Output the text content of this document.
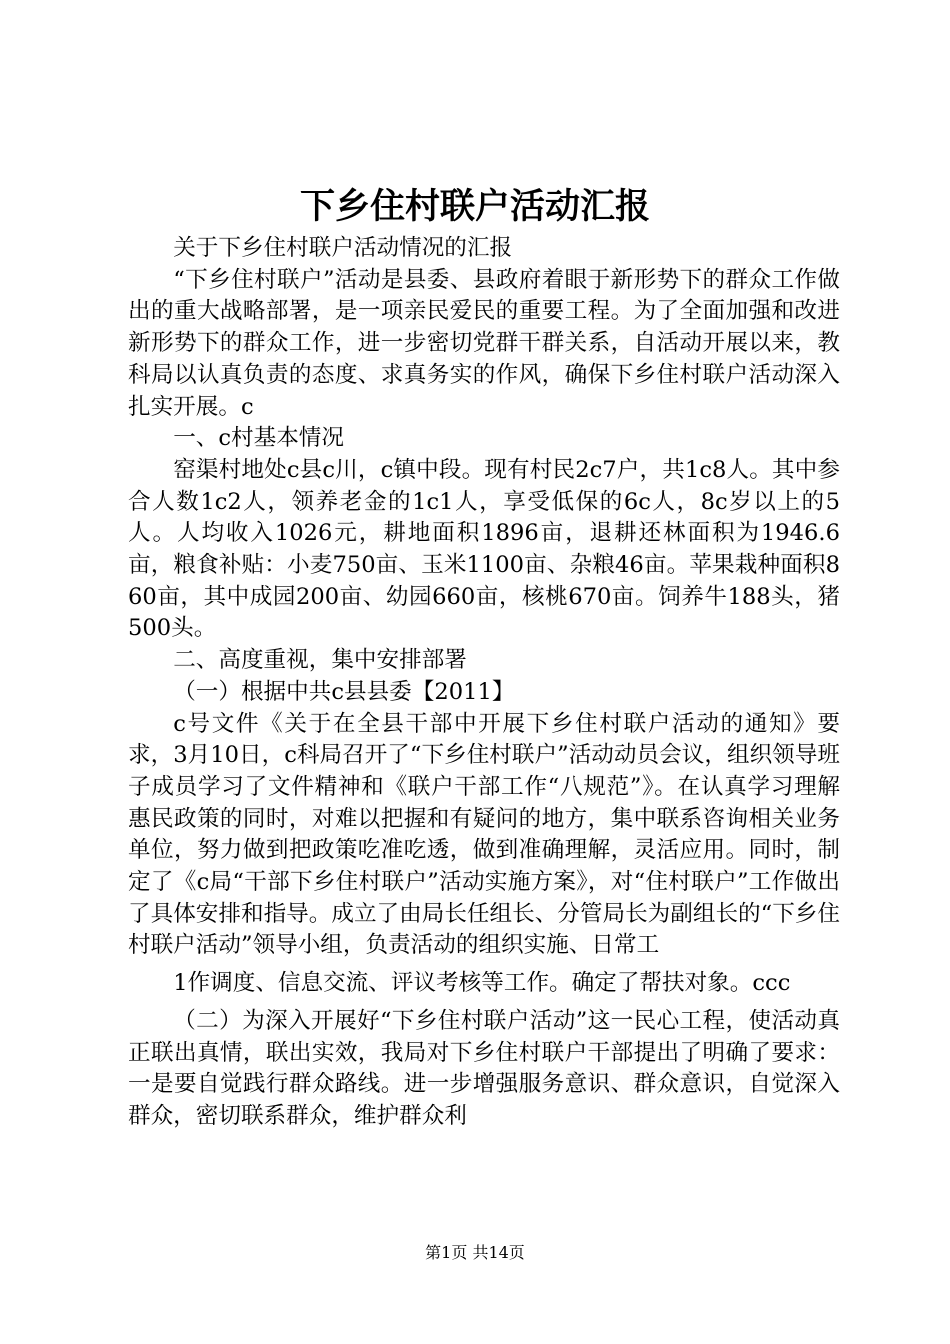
下乡住村联户活动汇报

关于下乡住村联户活动情况的汇报

“下乡住村联户”活动是县委、县政府着眼于新形势下的群众工作做出的重大战略部署，是一项亲民爱民的重要工程。为了全面加强和改进新形势下的群众工作，进一步密切党群干群关系，自活动开展以来，教科局以认真负责的态度、求真务实的作风，确保下乡住村联户活动深入扎实开展。c

一、c村基本情况

窑渠村地处c县c川，c镇中段。现有村民2c7户，共1c8人。其中参合人数1c2人，领养老金的1c1人，享受低保的6c人，8c岁以上的5人。人均收入1026元，耕地面积1896亩，退耕还林面积为1946.6亩，粮食补贴：小麦750亩、玉米1100亩、杂粮46亩。苹果栽种面积860亩，其中成园200亩、幼园660亩，核桃670亩。饲养牛188头，猪500头。

二、高度重视，集中安排部署

（一）根据中共c县县委【2011】

c号文件《关于在全县干部中开展下乡住村联户活动的通知》要求，3月10日，c科局召开了“下乡住村联户”活动动员会议，组织领导班子成员学习了文件精神和《联户干部工作“八规范”》。在认真学习理解惠民政策的同时，对难以把握和有疑问的地方，集中联系咨询相关业务单位，努力做到把政策吃准吃透，做到准确理解，灵活应用。同时，制定了《c局“干部下乡住村联户”活动实施方案》，对“住村联户”工作做出了具体安排和指导。成立了由局长任组长、分管局长为副组长的“下乡住村联户活动”领导小组，负责活动的组织实施、日常工

1作调度、信息交流、评议考核等工作。确定了帮扶对象。ccc

（二）为深入开展好“下乡住村联户活动”这一民心工程，使活动真正联出真情，联出实效，我局对下乡住村联户干部提出了明确了要求：一是要自觉践行群众路线。进一步增强服务意识、群众意识，自觉深入群众，密切联系群众，维护群众利

第1页 共14页
